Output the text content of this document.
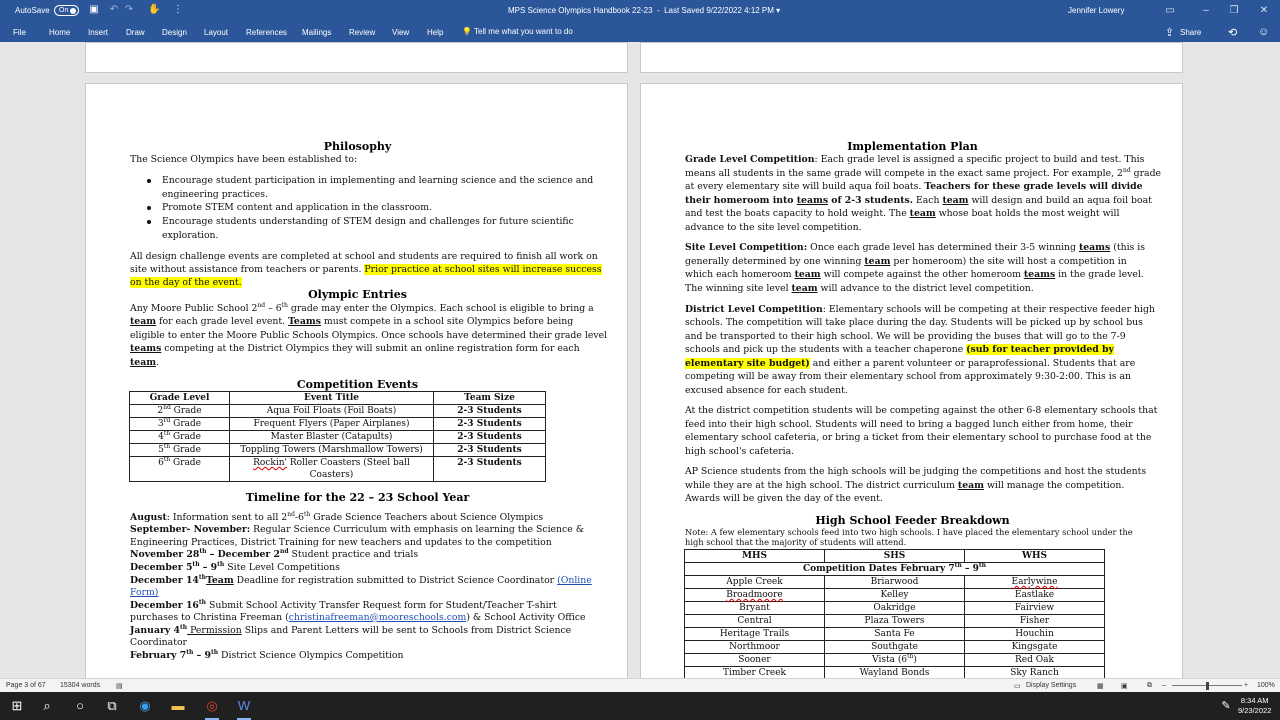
AutoSave	On	▣ ↶ ↷ ✋ ⋮	MPS Science Olympics Handbook 22-23  -  Last Saved 9/22/2022 4:12 PM ▾	Jennifer Lowery	▭	–	❐	✕
File	Home Insert Draw Design Layout References Mailings Review View Help 💡 Tell me what you want to do	⇪ Share ⟲ ☺
Philosophy
The Science Olympics have been established to:
Encourage student participation in implementing and learning science and the science and
engineering practices.
Promote STEM content and application in the classroom.
Encourage students understanding of STEM design and challenges for future scientific
exploration.
All design challenge events are completed at school and students are required to finish all work on
site without assistance from teachers or parents. Prior practice at school sites will increase success
on the day of the event.
Olympic Entries
Any Moore Public School 2nd – 6th grade may enter the Olympics. Each school is eligible to bring a
team for each grade level event. Teams must compete in a school site Olympics before being
eligible to enter the Moore Public Schools Olympics. Once schools have determined their grade level
teams competing at the District Olympics they will submit an online registration form for each
team.
Competition Events
Grade Level	Event Title	Team Size
2nd Grade	Aqua Foil Floats (Foil Boats)	2-3 Students
3rd Grade	Frequent Flyers (Paper Airplanes)	2-3 Students
4th Grade	Master Blaster (Catapults)	2-3 Students
5th Grade	Toppling Towers (Marshmallow Towers)	2-3 Students
6th Grade	Rockin' Roller Coasters (Steel ball
Coasters)	2-3 Students
Timeline for the 22 – 23 School Year
August: Information sent to all 2nd-6th Grade Science Teachers about Science Olympics
September- November: Regular Science Curriculum with emphasis on learning the Science &
Engineering Practices, District Training for new teachers and updates to the competition
November 28th – December 2nd Student practice and trials
December 5th – 9th Site Level Competitions
December 14thTeam Deadline for registration submitted to District Science Coordinator (Online
Form)
December 16th Submit School Activity Transfer Request form for Student/Teacher T-shirt
purchases to Christina Freeman (christinafreeman@mooreschools.com) & School Activity Office
January 4th Permission Slips and Parent Letters will be sent to Schools from District Science
Coordinator
February 7th – 9th District Science Olympics Competition
Implementation Plan
Grade Level Competition: Each grade level is assigned a specific project to build and test. This
means all students in the same grade will compete in the exact same project. For example, 2nd grade
at every elementary site will build aqua foil boats. Teachers for these grade levels will divide
their homeroom into teams of 2-3 students. Each team will design and build an aqua foil boat
and test the boats capacity to hold weight. The team whose boat holds the most weight will
advance to the site level competition.
Site Level Competition: Once each grade level has determined their 3-5 winning teams (this is
generally determined by one winning team per homeroom) the site will host a competition in
which each homeroom team will compete against the other homeroom teams in the grade level.
The winning site level team will advance to the district level competition.
District Level Competition: Elementary schools will be competing at their respective feeder high
schools. The competition will take place during the day. Students will be picked up by school bus
and be transported to their high school. We will be providing the buses that will go to the 7-9
schools and pick up the students with a teacher chaperone (sub for teacher provided by
elementary site budget) and either a parent volunteer or paraprofessional. Students that are
competing will be away from their elementary school from approximately 9:30-2:00. This is an
excused absence for each student.
At the district competition students will be competing against the other 6-8 elementary schools that
feed into their high school. Students will need to bring a bagged lunch either from home, their
elementary school cafeteria, or bring a ticket from their elementary school to purchase food at the
high school's cafeteria.
AP Science students from the high schools will be judging the competitions and host the students
while they are at the high school. The district curriculum team will manage the competition.
Awards will be given the day of the event.
High School Feeder Breakdown
Note: A few elementary schools feed into two high schools. I have placed the elementary school under the
high school that the majority of students will attend.
MHS	SHS	WHS
Competition Dates February 7th – 9th
Apple Creek	Briarwood	Earlywine
Broadmoore	Kelley	Eastlake
Bryant	Oakridge	Fairview
Central	Plaza Towers	Fisher
Heritage Trails	Santa Fe	Houchin
Northmoor	Southgate	Kingsgate
Sooner	Vista (6th)	Red Oak
Timber Creek	Wayland Bonds	Sky Ranch
Page 3 of 67 15304 words ▤	▭ Display Settings	▦ ▣	⧉ –	+ 100%
⊞	⌕	○	⧉	◉ ▬ ◎ W	✎	8:34 AM
9/23/2022
